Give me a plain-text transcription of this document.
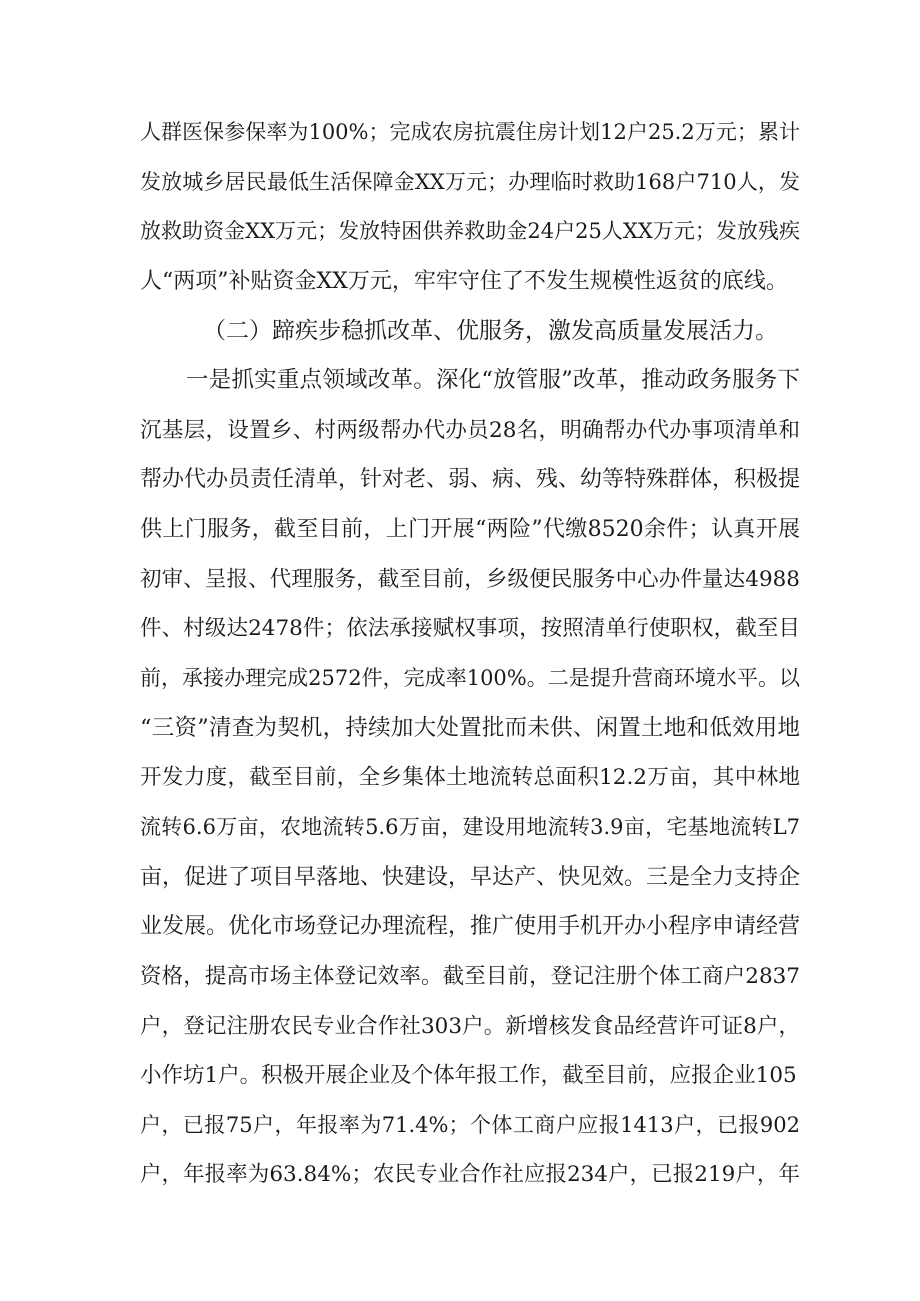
人群医保参保率为100%；完成农房抗震住房计划12户25.2万元；累计
发放城乡居民最低生活保障金XX万元；办理临时救助168户710人，发
放救助资金XX万元；发放特困供养救助金24户25人XX万元；发放残疾
人“两项”补贴资金XX万元，牢牢守住了不发生规模性返贫的底线。
（二）蹄疾步稳抓改革、优服务，激发高质量发展活力。
一是抓实重点领域改革。深化“放管服”改革，推动政务服务下
沉基层，设置乡、村两级帮办代办员28名，明确帮办代办事项清单和
帮办代办员责任清单，针对老、弱、病、残、幼等特殊群体，积极提
供上门服务，截至目前，上门开展“两险”代缴8520余件；认真开展
初审、呈报、代理服务，截至目前，乡级便民服务中心办件量达4988
件、村级达2478件；依法承接赋权事项，按照清单行使职权，截至目
前，承接办理完成2572件，完成率100%。二是提升营商环境水平。以
“三资”清查为契机，持续加大处置批而未供、闲置土地和低效用地
开发力度，截至目前，全乡集体土地流转总面积12.2万亩，其中林地
流转6.6万亩，农地流转5.6万亩，建设用地流转3.9亩，宅基地流转L7
亩，促进了项目早落地、快建设，早达产、快见效。三是全力支持企
业发展。优化市场登记办理流程，推广使用手机开办小程序申请经营
资格，提高市场主体登记效率。截至目前，登记注册个体工商户2837
户，登记注册农民专业合作社303户。新增核发食品经营许可证8户，
小作坊1户。积极开展企业及个体年报工作，截至目前，应报企业105
户，已报75户，年报率为71.4%；个体工商户应报1413户，已报902
户，年报率为63.84%；农民专业合作社应报234户，已报219户，年
